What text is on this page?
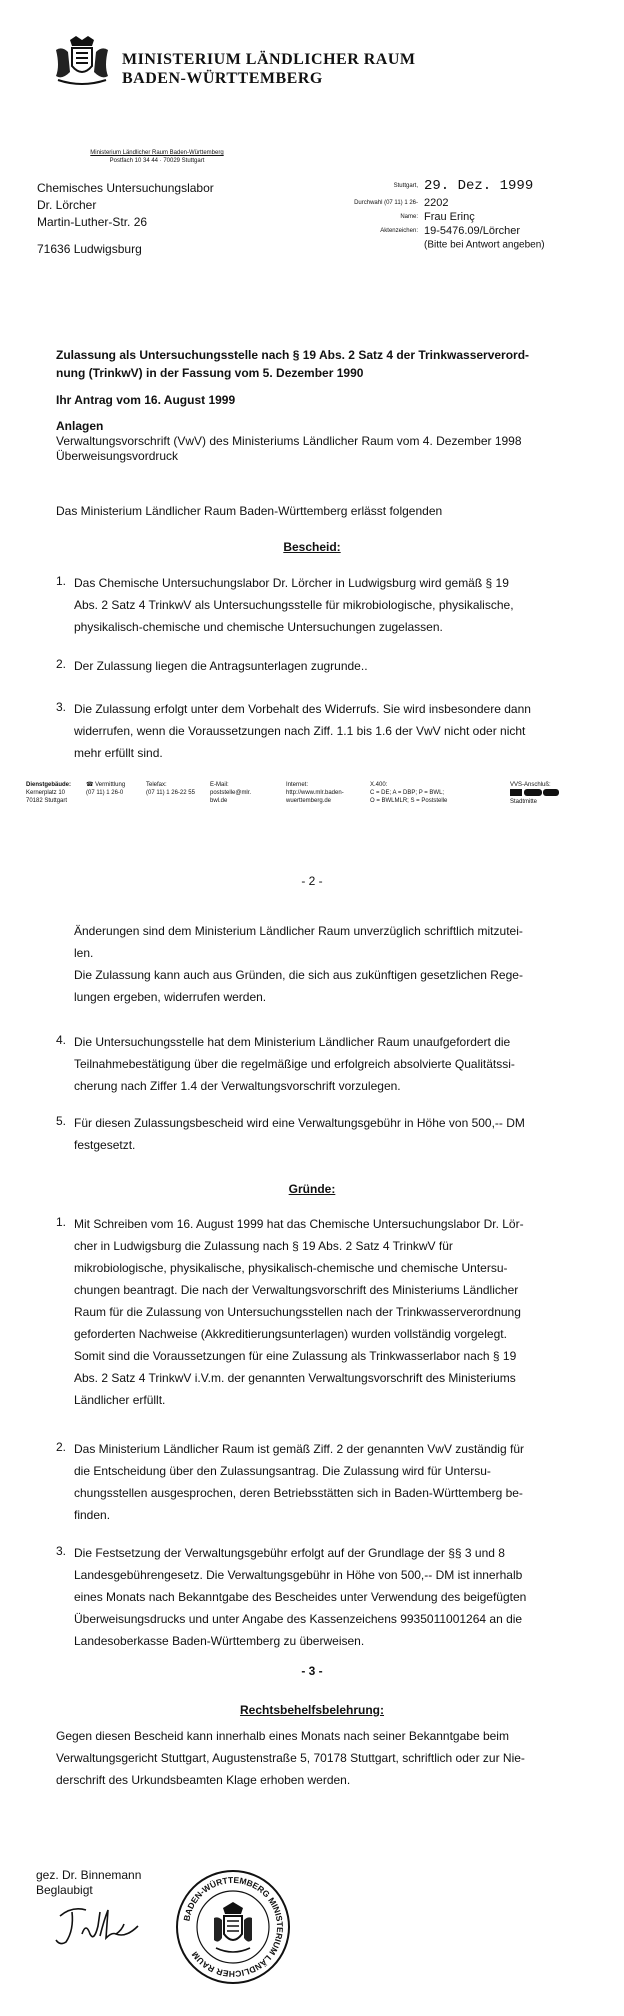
MINISTERIUM LÄNDLICHER RAUM
BADEN-WÜRTTEMBERG
Ministerium Ländlicher Raum Baden-Württemberg
Postfach 10 34 44 · 70029 Stuttgart
Chemisches Untersuchungslabor
Dr. Lörcher
Martin-Luther-Str. 26
71636 Ludwigsburg
Stuttgart, 29. Dez. 1999
Durchwahl (07 11) 1 26- 2202
Name: Frau Erinç
Aktenzeichen: 19-5476.09/Lörcher
(Bitte bei Antwort angeben)
Zulassung als Untersuchungsstelle nach § 19 Abs. 2 Satz 4 der Trinkwasserverord-
nung (TrinkwV) in der Fassung vom 5. Dezember 1990
Ihr Antrag vom 16. August 1999
Anlagen
Verwaltungsvorschrift (VwV) des Ministeriums Ländlicher Raum vom 4. Dezember 1998
Überweisungsvordruck
Das Ministerium Ländlicher Raum Baden-Württemberg erlässt folgenden
Bescheid:
1. Das Chemische Untersuchungslabor Dr. Lörcher in Ludwigsburg wird gemäß § 19
Abs. 2 Satz 4 TrinkwV als Untersuchungsstelle für mikrobiologische, physikalische,
physikalisch-chemische und chemische Untersuchungen zugelassen.
2. Der Zulassung liegen die Antragsunterlagen zugrunde..
3. Die Zulassung erfolgt unter dem Vorbehalt des Widerrufs. Sie wird insbesondere dann
widerrufen, wenn die Voraussetzungen nach Ziff. 1.1 bis 1.6 der VwV nicht oder nicht
mehr erfüllt sind.
Dienstgebäude:
Kernerplatz 10
70182 Stuttgart
☎ Vermittlung
(07 11) 1 26-0
Telefax:
(07 11) 1 26-22 55
E-Mail:
poststelle@mlr.
bwl.de
Internet:
http://www.mlr.baden-
wuerttemberg.de
X.400:
C = DE; A = DBP; P = BWL;
O = BWLMLR; S = Poststelle
VVS-Anschluß:

Stadtmitte
- 2 -
Änderungen sind dem Ministerium Ländlicher Raum unverzüglich schriftlich mitzutei-
len.
Die Zulassung kann auch aus Gründen, die sich aus zukünftigen gesetzlichen Rege-
lungen ergeben, widerrufen werden.
4. Die Untersuchungsstelle hat dem Ministerium Ländlicher Raum unaufgefordert die
Teilnahmebestätigung über die regelmäßige und erfolgreich absolvierte Qualitätssi-
cherung nach Ziffer 1.4 der Verwaltungsvorschrift vorzulegen.
5. Für diesen Zulassungsbescheid wird eine Verwaltungsgebühr in Höhe von 500,-- DM
festgesetzt.
Gründe:
1. Mit Schreiben vom 16. August 1999 hat das Chemische Untersuchungslabor Dr. Lör-
cher in Ludwigsburg die Zulassung nach § 19 Abs. 2 Satz 4 TrinkwV für
mikrobiologische, physikalische, physikalisch-chemische und chemische Untersu-
chungen beantragt. Die nach der Verwaltungsvorschrift des Ministeriums Ländlicher
Raum für die Zulassung von Untersuchungsstellen nach der Trinkwasserverordnung
geforderten Nachweise (Akkreditierungsunterlagen) wurden vollständig vorgelegt.
Somit sind die Voraussetzungen für eine Zulassung als Trinkwasserlabor nach § 19
Abs. 2 Satz 4 TrinkwV i.V.m. der genannten Verwaltungsvorschrift des Ministeriums
Ländlicher erfüllt.
2. Das Ministerium Ländlicher Raum ist gemäß Ziff. 2 der genannten VwV zuständig für
die Entscheidung über den Zulassungsantrag. Die Zulassung wird für Untersu-
chungsstellen ausgesprochen, deren Betriebsstätten sich in Baden-Württemberg be-
finden.
3. Die Festsetzung der Verwaltungsgebühr erfolgt auf der Grundlage der §§ 3 und 8
Landesgebührengesetz. Die Verwaltungsgebühr in Höhe von 500,-- DM ist innerhalb
eines Monats nach Bekanntgabe des Bescheides unter Verwendung des beigefügten
Überweisungsdrucks und unter Angabe des Kassenzeichens 9935011001264 an die
Landesoberkasse Baden-Württemberg zu überweisen.
- 3 -
Rechtsbehelfsbelehrung:
Gegen diesen Bescheid kann innerhalb eines Monats nach seiner Bekanntgabe beim
Verwaltungsgericht Stuttgart, Augustenstraße 5, 70178 Stuttgart, schriftlich oder zur Nie-
derschrift des Urkundsbeamten Klage erhoben werden.
gez. Dr. Binnemann
Beglaubigt
BADEN-WÜRTTEMBERG MINISTERIUM LÄNDLICHER RAUM
